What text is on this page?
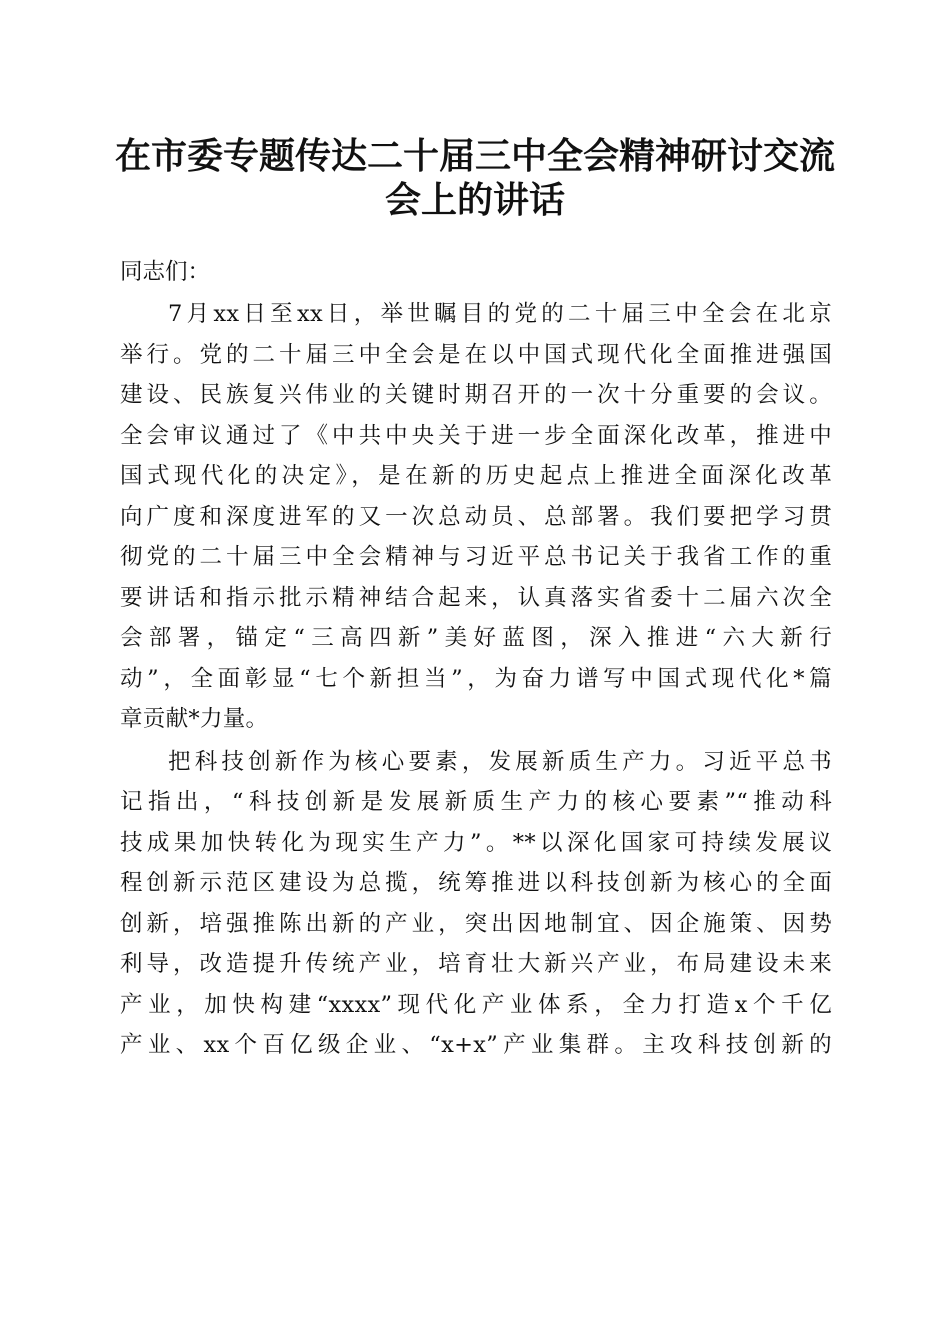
在市委专题传达二十届三中全会精神研讨交流
会上的讲话
同志们：
7月xx日至xx日，举世瞩目的党的二十届三中全会在北京
举行。党的二十届三中全会是在以中国式现代化全面推进强国
建设、民族复兴伟业的关键时期召开的一次十分重要的会议。
全会审议通过了《中共中央关于进一步全面深化改革，推进中
国式现代化的决定》，是在新的历史起点上推进全面深化改革
向广度和深度进军的又一次总动员、总部署。我们要把学习贯
彻党的二十届三中全会精神与习近平总书记关于我省工作的重
要讲话和指示批示精神结合起来，认真落实省委十二届六次全
会部署，锚定“三高四新”美好蓝图，深入推进“六大新行
动”，全面彰显“七个新担当”，为奋力谱写中国式现代化*篇
章贡献*力量。
把科技创新作为核心要素，发展新质生产力。习近平总书
记指出，“科技创新是发展新质生产力的核心要素”“推动科
技成果加快转化为现实生产力”。**以深化国家可持续发展议
程创新示范区建设为总揽，统筹推进以科技创新为核心的全面
创新，培强推陈出新的产业，突出因地制宜、因企施策、因势
利导，改造提升传统产业，培育壮大新兴产业，布局建设未来
产业，加快构建“xxxx”现代化产业体系，全力打造x个千亿
产业、xx个百亿级企业、“x+x”产业集群。主攻科技创新的
